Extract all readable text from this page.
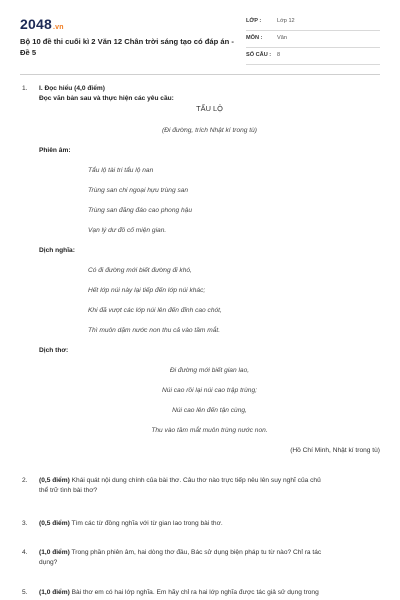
2048.vn
Bộ 10 đề thi cuối kì 2 Văn 12 Chân trời sáng tạo có đáp án - Đề 5
LỚP :	Lớp 12
MÔN :	Văn
SỐ CÂU : 8
1. I. Đọc hiểu (4,0 điểm)
Đọc văn bản sau và thực hiện các yêu cầu:
TẨU LỘ
(Đi đường, trích Nhật kí trong tù)
Phiên âm:
Tẩu lộ tài tri tẩu lộ nan
Trùng san chi ngoại hựu trùng san
Trùng san đăng đáo cao phong hậu
Vạn lý dư đồ cố miện gian.
Dịch nghĩa:
Có đi đường mới biết đường đi khó,
Hết lớp núi này lại tiếp đến lớp núi khác;
Khi đã vượt các lớp núi lên đến đỉnh cao chót,
Thì muôn dặm nước non thu cả vào tầm mắt.
Dịch thơ:
Đi đường mới biết gian lao,
Núi cao rồi lại núi cao trập trùng;
Núi cao lên đến tận cùng,
Thu vào tầm mắt muôn trùng nước non.
(Hồ Chí Minh, Nhật kí trong tù)
2. (0,5 điểm) Khái quát nội dung chính của bài thơ. Câu thơ nào trực tiếp nêu lên suy nghĩ của chủ
thể trữ tình bài thơ?
3. (0,5 điểm) Tìm các từ đồng nghĩa với từ gian lao trong bài thơ.
4. (1,0 điểm) Trong phần phiên âm, hai dòng thơ đầu, Bác sử dụng biện pháp tu từ nào? Chỉ ra tác
dụng?
5. (1,0 điểm) Bài thơ em có hai lớp nghĩa. Em hãy chỉ ra hai lớp nghĩa được tác giả sử dụng trong
